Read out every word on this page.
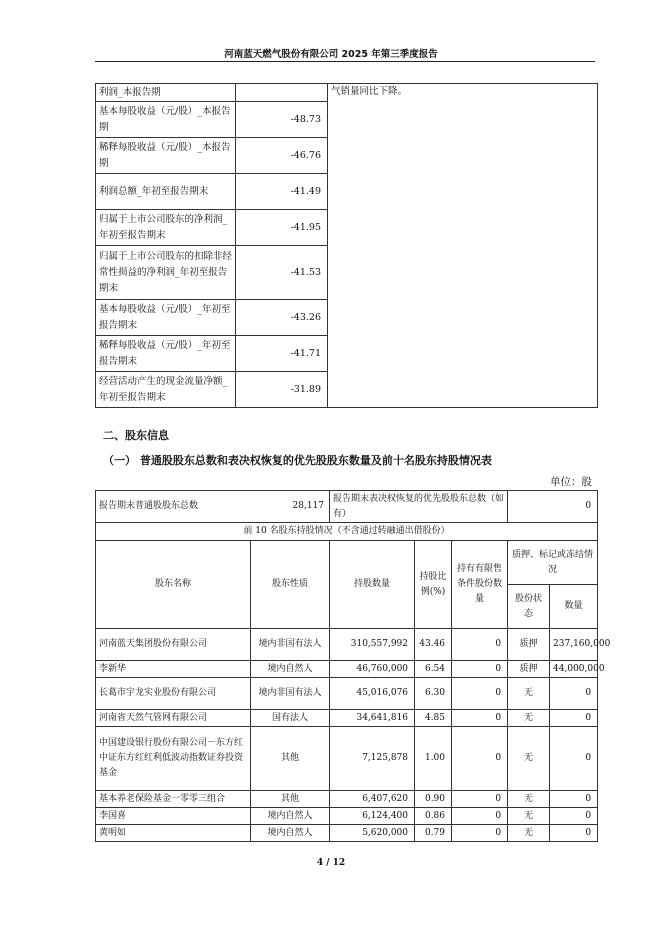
河南蓝天燃气股份有限公司 2025 年第三季度报告
利润_本报告期		气销量同比下降。
基本每股收益（元/股）_本报告期	-48.73	
稀释每股收益（元/股）_本报告期	-46.76	
利润总额_年初至报告期末	-41.49	
归属于上市公司股东的净利润_年初至报告期末	-41.95	
归属于上市公司股东的扣除非经常性损益的净利润_年初至报告期末	-41.53	
基本每股收益（元/股）_年初至报告期末	-43.26	
稀释每股收益（元/股）_年初至报告期末	-41.71	
经营活动产生的现金流量净额_年初至报告期末	-31.89	
二、股东信息
（一） 普通股股东总数和表决权恢复的优先股股东数量及前十名股东持股情况表
单位：股
报告期末普通股股东总数 28,117		报告期末表决权恢复的优先股股东总数（如有）			0	
前 10 名股东持股情况（不含通过转融通出借股份）						
股东名称	股东性质	持股数量	持股比例(%)	持有有限售条件股份数量	质押、标记或冻结情况	
					股份状态	数量
河南蓝天集团股份有限公司	境内非国有法人	310,557,992	43.46	0	质押	237,160,000
李新华	境内自然人	46,760,000	6.54	0	质押	44,000,000
长葛市宇龙实业股份有限公司	境内非国有法人	45,016,076	6.30	0	无	0
河南省天然气管网有限公司	国有法人	34,641,816	4.85	0	无	0
中国建设银行股份有限公司－东方红中证东方红红利低波动指数证券投资基金	其他	7,125,878	1.00	0	无	0
基本养老保险基金一零零三组合	其他	6,407,620	0.90	0	无	0
李国喜	境内自然人	6,124,400	0.86	0	无	0
黄明如	境内自然人	5,620,000	0.79	0	无	0
4 / 12
